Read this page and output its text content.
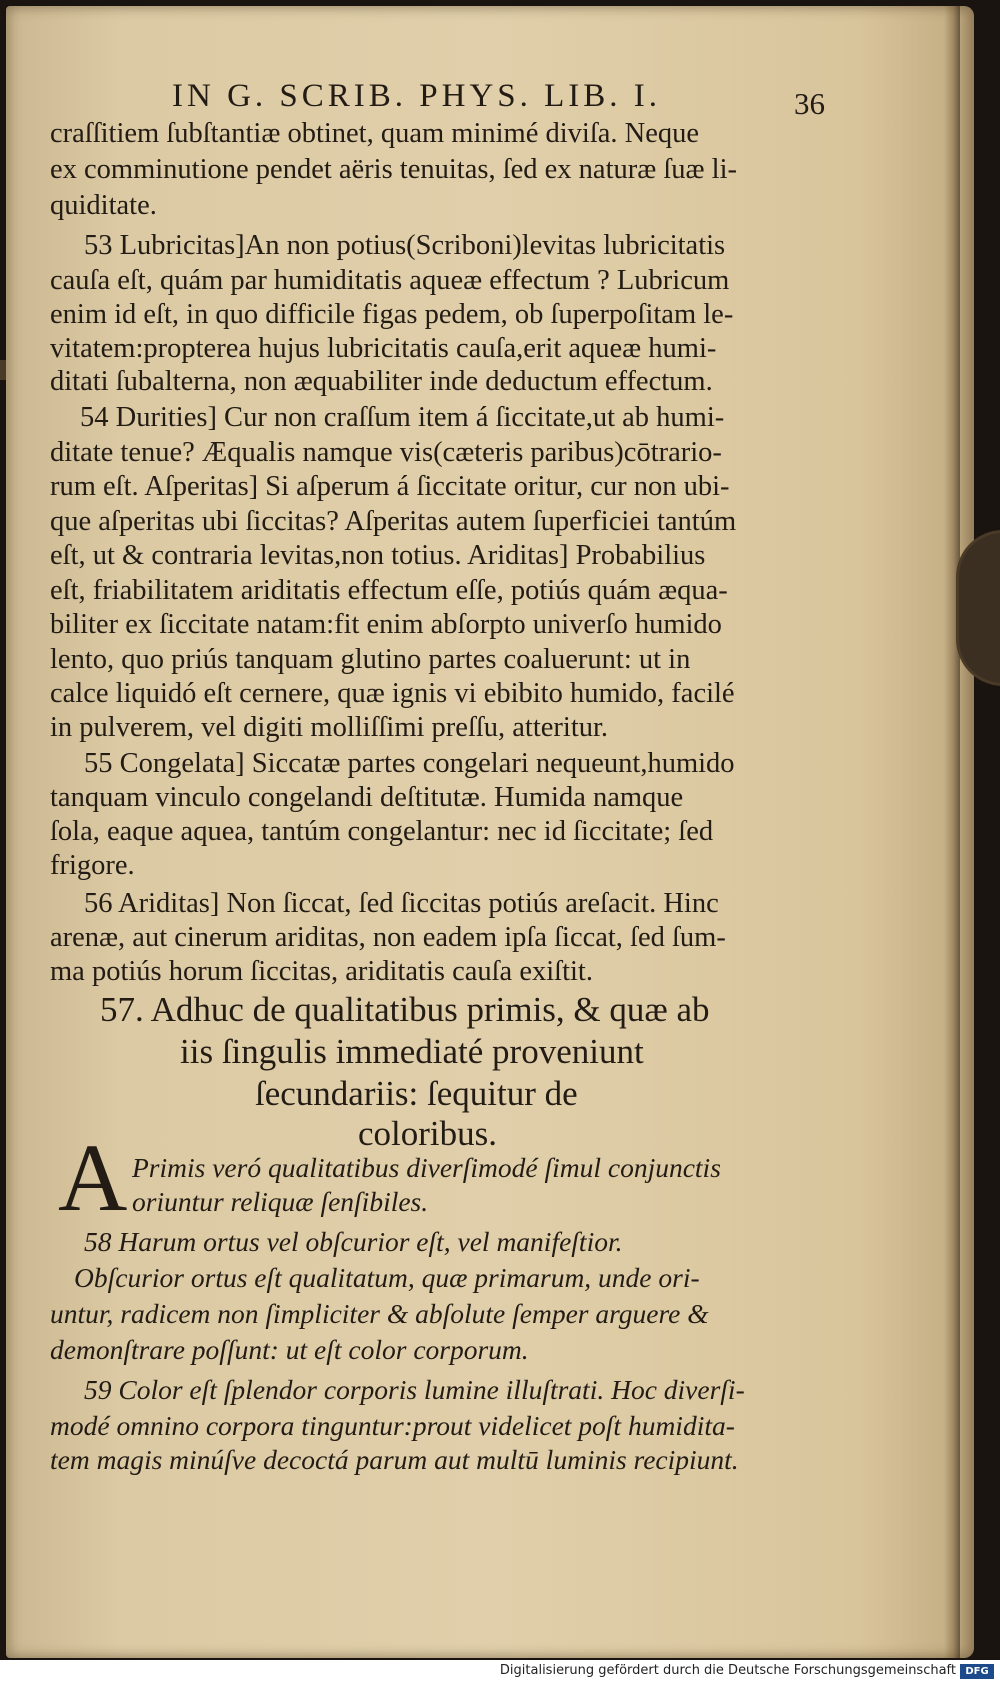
IN G. SCRIB. PHYS. LIB. I.	36

craſſitiem ſubſtantiæ obtinet, quam minimé diviſa. Neque

ex comminutione pendet aëris tenuitas, ſed ex naturæ ſuæ li-

quiditate.

53 Lubricitas]An non potius(Scriboni)levitas lubricitatis

cauſa eſt, quám par humiditatis aqueæ effectum ? Lubricum

enim id eſt, in quo difficile figas pedem, ob ſuperpoſitam le-

vitatem:propterea hujus lubricitatis cauſa,erit aqueæ humi-

ditati ſubalterna, non æquabiliter inde deductum effectum.

54 Durities] Cur non craſſum item á ſiccitate,ut ab humi-

ditate tenue? Æqualis namque vis(cæteris paribus)cōtrario-

rum eſt. Aſperitas] Si aſperum á ſiccitate oritur, cur non ubi-

que aſperitas ubi ſiccitas? Aſperitas autem ſuperficiei tantúm

eſt, ut & contraria levitas,non totius. Ariditas] Probabilius

eſt, friabilitatem ariditatis effectum eſſe, potiús quám æqua-

biliter ex ſiccitate natam:fit enim abſorpto univerſo humido

lento, quo priús tanquam glutino partes coaluerunt: ut in

calce liquidó eſt cernere, quæ ignis vi ebibito humido, facilé

in pulverem, vel digiti molliſſimi preſſu, atteritur.

55 Congelata] Siccatæ partes congelari nequeunt,humido

tanquam vinculo congelandi deſtitutæ. Humida namque

ſola, eaque aquea, tantúm congelantur: nec id ſiccitate; ſed

frigore.

56 Ariditas] Non ſiccat, ſed ſiccitas potiús areſacit. Hinc

arenæ, aut cinerum ariditas, non eadem ipſa ſiccat, ſed ſum-

ma potiús horum ſiccitas, ariditatis cauſa exiſtit.

57. Adhuc de qualitatibus primis, & quæ ab

iis ſingulis immediaté proveniunt

ſecundariis: ſequitur de

coloribus.

A Primis veró qualitatibus diverſimodé ſimul conjunctis

oriuntur reliquæ ſenſibiles.

58 Harum ortus vel obſcurior eſt, vel manifeſtior.

Obſcurior ortus eſt qualitatum, quæ primarum, unde ori-

untur, radicem non ſimpliciter & abſolute ſemper arguere &

demonſtrare poſſunt: ut eſt color corporum.

59 Color eſt ſplendor corporis lumine illuſtrati. Hoc diverſi-

modé omnino corpora tinguntur:prout videlicet poſt humidita-

tem magis minúſve decoctá parum aut multū luminis recipiunt.

Digitalisierung gefördert durch die Deutsche Forschungsgemeinschaft DFG
